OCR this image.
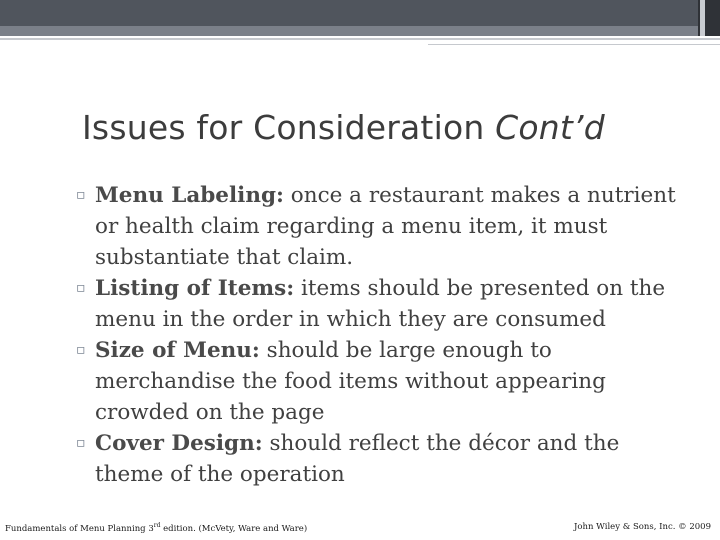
Issues for Consideration Cont’d
▫ Menu Labeling: once a restaurant makes a nutrient or health claim regarding a menu item, it must substantiate that claim.
▫ Listing of Items: items should be presented on the menu in the order in which they are consumed
▫ Size of Menu: should be large enough to merchandise the food items without appearing crowded on the page
▫ Cover Design: should reflect the décor and the theme of the operation
Fundamentals of Menu Planning 3rd edition. (McVety, Ware and Ware)	John Wiley & Sons, Inc. © 2009
